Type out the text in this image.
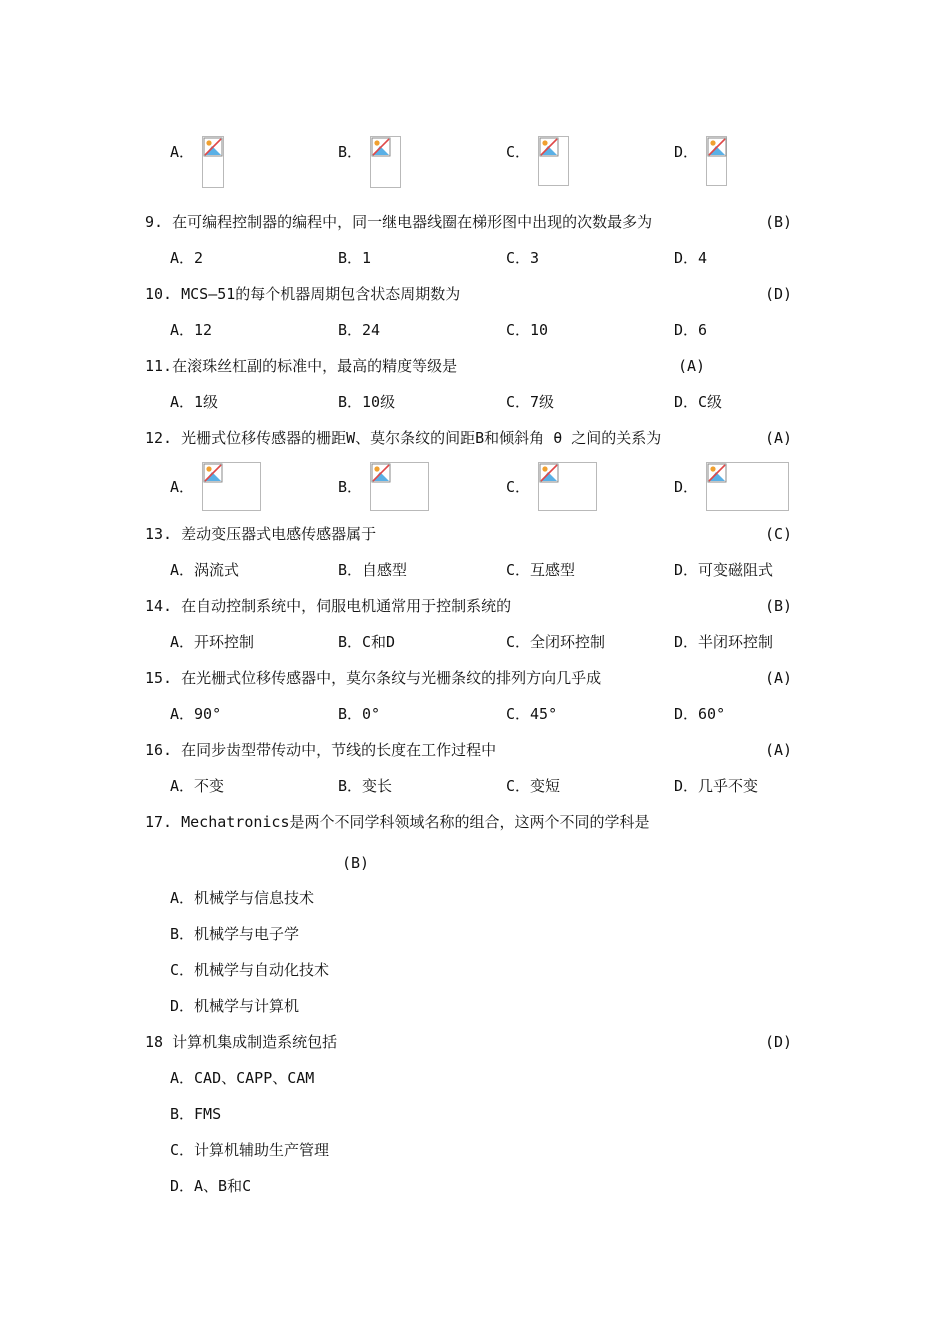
A．	B．	C．	D．
9. 在可编程控制器的编程中，同一继电器线圈在梯形图中出现的次数最多为	(B)
A．2	B．1	C．3	D．4
10. MCS—51的每个机器周期包含状态周期数为	(D)
A．12	B．24	C．10	D．6
11.在滚珠丝杠副的标准中，最高的精度等级是	(A)
A．1级	B．10级	C．7级	D．C级
12. 光栅式位移传感器的栅距W、莫尔条纹的间距B和倾斜角 θ 之间的关系为	(A)
A．	B．	C．	D．
13. 差动变压器式电感传感器属于	(C)
A．涡流式	B．自感型	C．互感型	D．可变磁阻式
14. 在自动控制系统中，伺服电机通常用于控制系统的	(B)
A．开环控制	B．C和D	C．全闭环控制	D．半闭环控制
15. 在光栅式位移传感器中，莫尔条纹与光栅条纹的排列方向几乎成	(A)
A．90°	B．0°	C．45°	D．60°
16. 在同步齿型带传动中，节线的长度在工作过程中	(A)
A．不变	B．变长	C．变短	D．几乎不变
17. Mechatronics是两个不同学科领域名称的组合，这两个不同的学科是
(B)
A．机械学与信息技术
B．机械学与电子学
C．机械学与自动化技术
D．机械学与计算机
18 计算机集成制造系统包括	(D)
A．CAD、CAPP、CAM
B．FMS
C．计算机辅助生产管理
D．A、B和C
